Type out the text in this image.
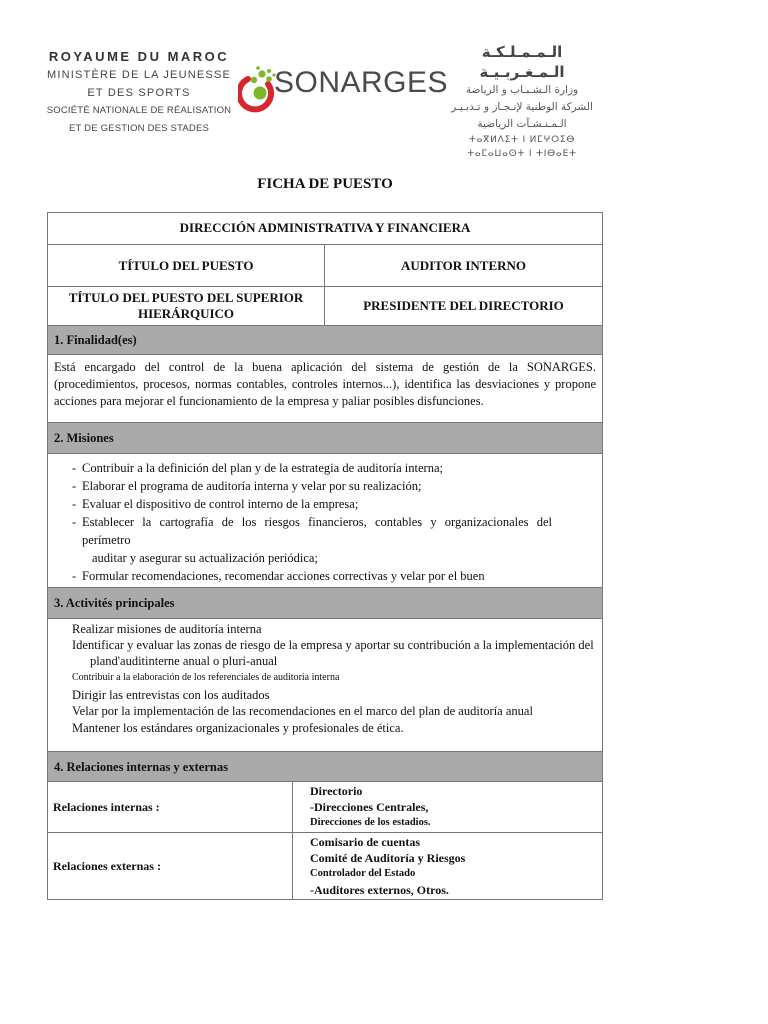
ROYAUME DU MAROC
MINISTÈRE DE LA JEUNESSE
ET DES SPORTS
SOCIÉTÉ NATIONALE DE RÉALISATION
ET DE GESTION DES STADES
SONARGES
الـمـمـلـكـة الـمـغـربـيـة
وزارة الـشـبـاب و الرياضة
الشركة الوطنية لإنـجـاز و تـدبـيـر
الـمـنـشـآت الرياضية
ⵜⴰⴳⵍⴷⵉⵜ ⵏ ⵍⵎⵖⵔⵉⴱ
ⵜⴰⵎⴰⵡⴰⵙⵜ ⵏ ⵜⵏⴱⴰⴹⵜ
FICHA DE PUESTO
DIRECCIÓN ADMINISTRATIVA Y FINANCIERA
TÍTULO DEL PUESTO	AUDITOR INTERNO
TÍTULO DEL PUESTO DEL SUPERIOR HIERÁRQUICO
PRESIDENTE DEL DIRECTORIO
1. Finalidad(es)
Está encargado del control de la buena aplicación del sistema de gestión de la SONARGES. (procedimientos, procesos, normas contables, controles internos...), identifica las desviaciones y propone acciones para mejorar el funcionamiento de la empresa y paliar posibles disfunciones.
2. Misiones
- Contribuir a la definición del plan y de la estrategia de auditoría interna;
- Elaborar el programa de auditoría interna y velar por su realización;
- Evaluar el dispositivo de control interno de la empresa;
- Establecer la cartografía de los riesgos financieros, contables y organizacionales del perímetro
auditar y asegurar su actualización periódica;
- Formular recomendaciones, recomendar acciones correctivas y velar por el buen
3. Activités principales
Realizar misiones de auditoría interna
Identificar y evaluar las zonas de riesgo de la empresa y aportar su contribución a la implementación del
pland'auditinterne anual o pluri-anual
Contribuir a la elaboración de los referenciales de auditoría interna
Dirigir las entrevistas con los auditados
Velar por la implementación de las recomendaciones en el marco del plan de auditoría anual
Mantener los estándares organizacionales y profesionales de ética.
4. Relaciones internas y externas
Relaciones internas :
Directorio
-Direcciones Centrales,
Direcciones de los estadios.
Relaciones externas :
Comisario de cuentas
Comité de Auditoría y Riesgos
Controlador del Estado
-Auditores externos, Otros.
